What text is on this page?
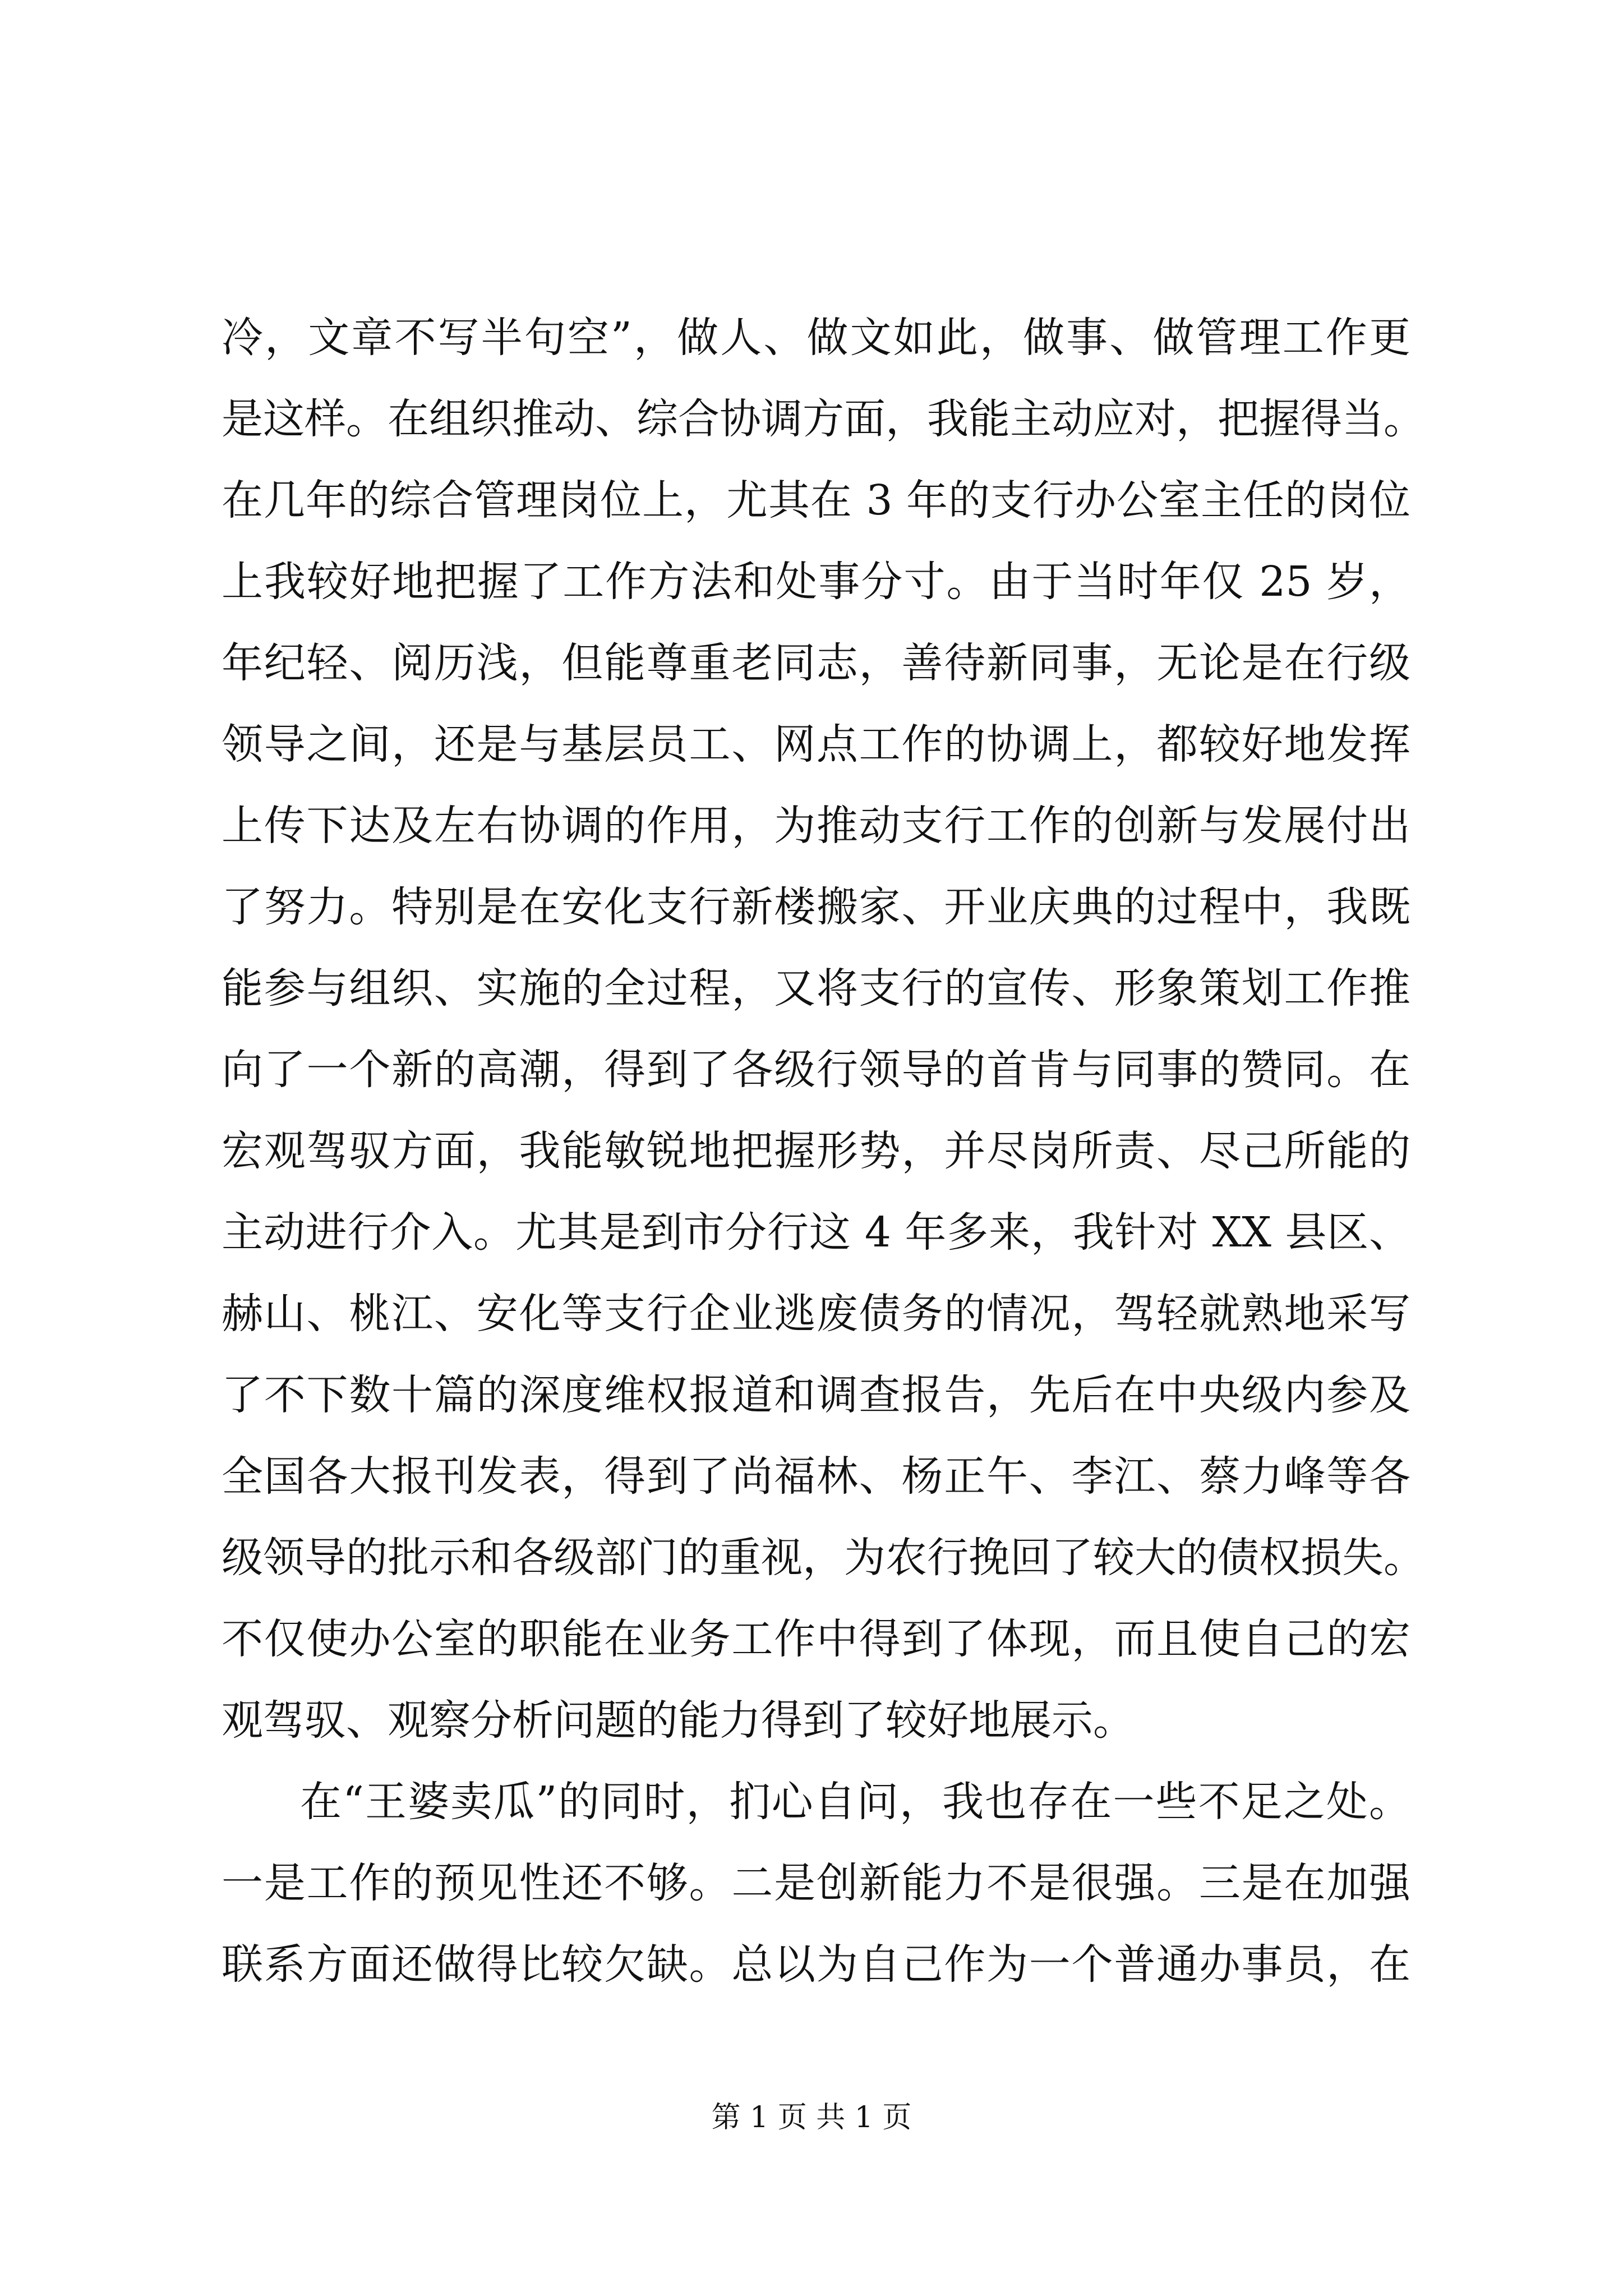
冷，文章不写半句空”，做人、做文如此，做事、做管理工作更
是这样。在组织推动、综合协调方面，我能主动应对，把握得当。
在几年的综合管理岗位上，尤其在 3 年的支行办公室主任的岗位
上我较好地把握了工作方法和处事分寸。由于当时年仅 25 岁，
年纪轻、阅历浅，但能尊重老同志，善待新同事，无论是在行级
领导之间，还是与基层员工、网点工作的协调上，都较好地发挥
上传下达及左右协调的作用，为推动支行工作的创新与发展付出
了努力。特别是在安化支行新楼搬家、开业庆典的过程中，我既
能参与组织、实施的全过程，又将支行的宣传、形象策划工作推
向了一个新的高潮，得到了各级行领导的首肯与同事的赞同。在
宏观驾驭方面，我能敏锐地把握形势，并尽岗所责、尽己所能的
主动进行介入。尤其是到市分行这 4 年多来，我针对 XX 县区、
赫山、桃江、安化等支行企业逃废债务的情况，驾轻就熟地采写
了不下数十篇的深度维权报道和调查报告，先后在中央级内参及
全国各大报刊发表，得到了尚福林、杨正午、李江、蔡力峰等各
级领导的批示和各级部门的重视，为农行挽回了较大的债权损失。
不仅使办公室的职能在业务工作中得到了体现，而且使自己的宏
观驾驭、观察分析问题的能力得到了较好地展示。
在“王婆卖瓜”的同时，扪心自问，我也存在一些不足之处。
一是工作的预见性还不够。二是创新能力不是很强。三是在加强
联系方面还做得比较欠缺。总以为自己作为一个普通办事员，在
第 1 页 共 1 页
